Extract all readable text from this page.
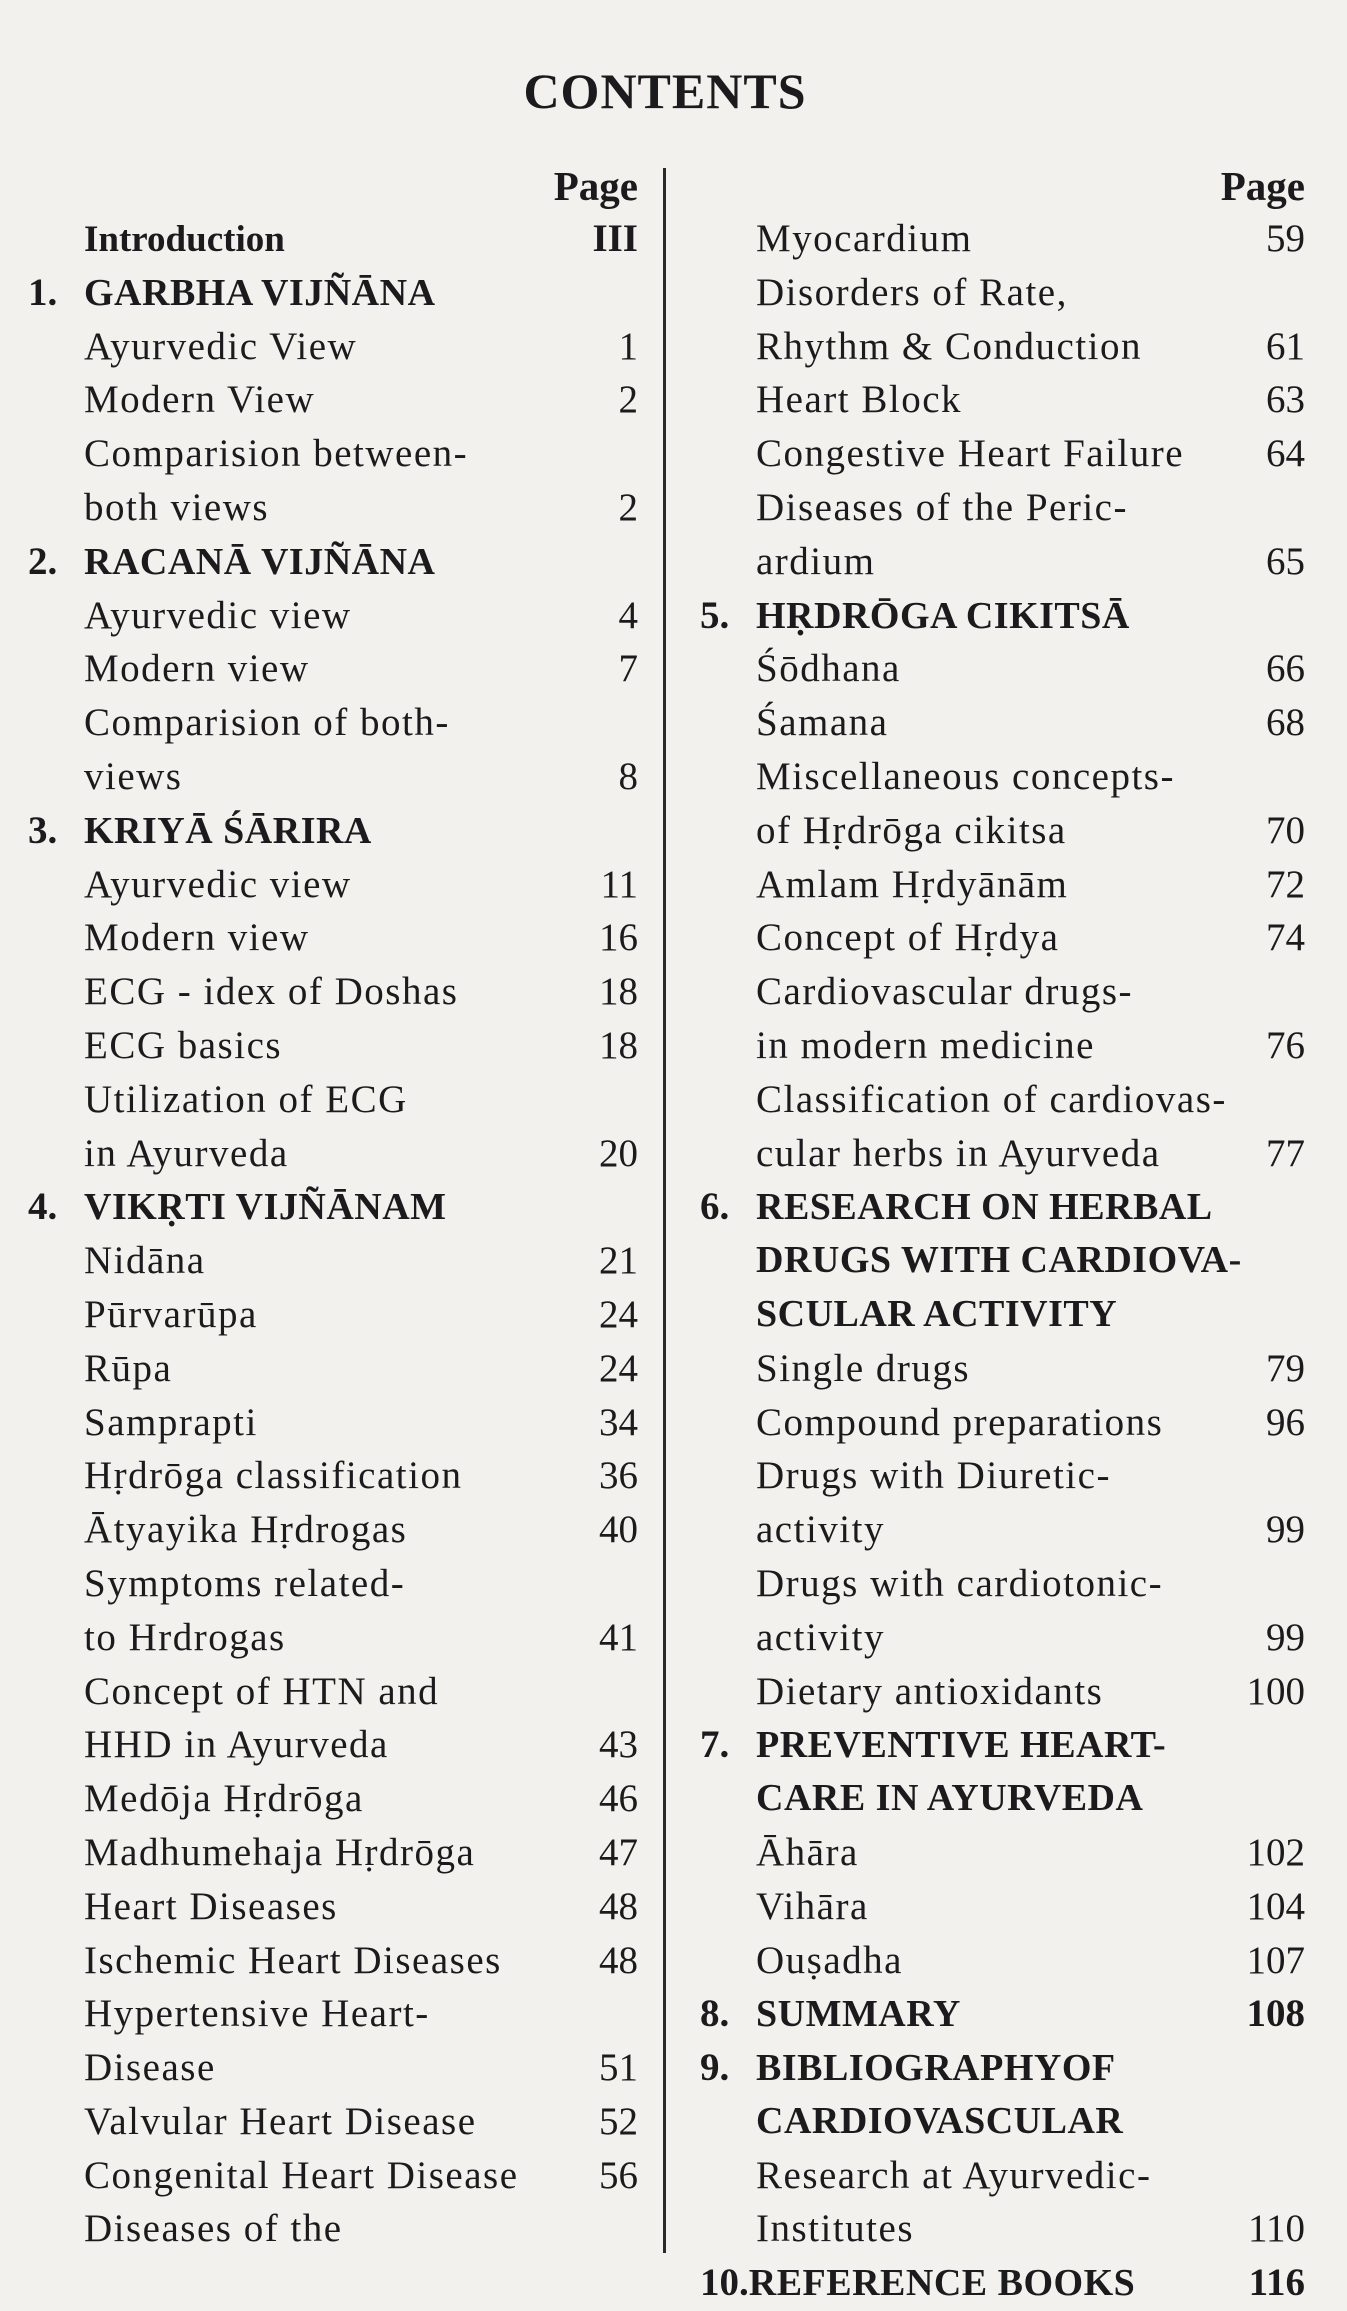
CONTENTS
Page
Introduction	III
1. GARBHA VIJÑĀNA
Ayurvedic View	1
Modern View	2
Comparision between-
both views	2
2. RACANĀ VIJÑĀNA
Ayurvedic view	4
Modern view	7
Comparision of both-
views	8
3. KRIYĀ ŚĀRIRA
Ayurvedic view	11
Modern view	16
ECG - idex of Doshas	18
ECG basics	18
Utilization of ECG
in Ayurveda	20
4. VIKṚTI VIJÑĀNAM
Nidāna	21
Pūrvarūpa	24
Rūpa	24
Samprapti	34
Hṛdrōga classification	36
Ātyayika Hṛdrogas	40
Symptoms related-
to Hrdrogas	41
Concept of HTN and
HHD in Ayurveda	43
Medōja Hṛdrōga	46
Madhumehaja Hṛdrōga	47
Heart Diseases	48
Ischemic Heart Diseases	48
Hypertensive Heart-
Disease	51
Valvular Heart Disease	52
Congenital Heart Disease	56
Diseases of the
Page
Myocardium	59
Disorders of Rate,
Rhythm & Conduction	61
Heart Block	63
Congestive Heart Failure	64
Diseases of the Peric-
ardium	65
5. HṚDRŌGA CIKITSĀ
Śōdhana	66
Śamana	68
Miscellaneous concepts-
of Hṛdrōga cikitsa	70
Amlam Hṛdyānām	72
Concept of Hṛdya	74
Cardiovascular drugs-
in modern medicine	76
Classification of cardiovas-
cular herbs in Ayurveda	77
6. RESEARCH ON HERBAL
DRUGS WITH CARDIOVA-
SCULAR ACTIVITY
Single drugs	79
Compound preparations	96
Drugs with Diuretic-
activity	99
Drugs with cardiotonic-
activity	99
Dietary antioxidants	100
7. PREVENTIVE HEART-
CARE IN AYURVEDA
Āhāra	102
Vihāra	104
Ouṣadha	107
8. SUMMARY	108
9. BIBLIOGRAPHYOF
CARDIOVASCULAR
Research at Ayurvedic-
Institutes	110
10. REFERENCE BOOKS	116
